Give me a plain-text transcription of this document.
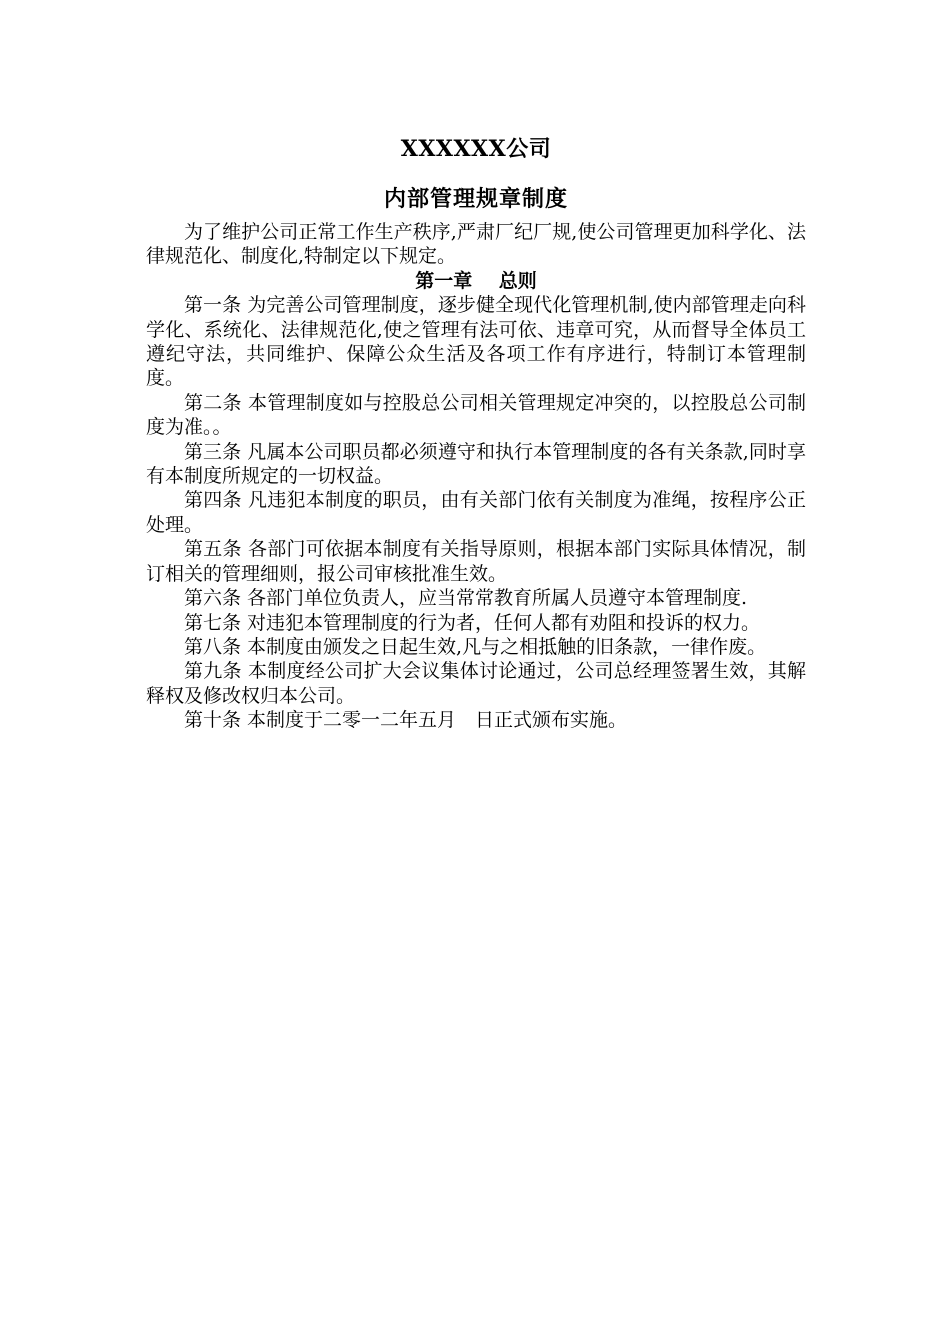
XXXXXX公司
内部管理规章制度

为了维护公司正常工作生产秩序,严肃厂纪厂规,使公司管理更加科学化、法律规范化、制度化,特制定以下规定。

第一章 总则

第一条 为完善公司管理制度，逐步健全现代化管理机制,使内部管理走向科学化、系统化、法律规范化,使之管理有法可依、违章可究，从而督导全体员工遵纪守法，共同维护、保障公众生活及各项工作有序进行，特制订本管理制度。

第二条 本管理制度如与控股总公司相关管理规定冲突的，以控股总公司制度为准。。

第三条 凡属本公司职员都必须遵守和执行本管理制度的各有关条款,同时享有本制度所规定的一切权益。

第四条 凡违犯本制度的职员，由有关部门依有关制度为准绳，按程序公正处理。

第五条 各部门可依据本制度有关指导原则，根据本部门实际具体情况，制订相关的管理细则，报公司审核批准生效。

第六条 各部门单位负责人，应当常常教育所属人员遵守本管理制度.

第七条 对违犯本管理制度的行为者，任何人都有劝阻和投诉的权力。

第八条 本制度由颁发之日起生效,凡与之相抵触的旧条款，一律作废。

第九条 本制度经公司扩大会议集体讨论通过，公司总经理签署生效，其解释权及修改权归本公司。

第十条 本制度于二零一二年五月　日正式颁布实施。
